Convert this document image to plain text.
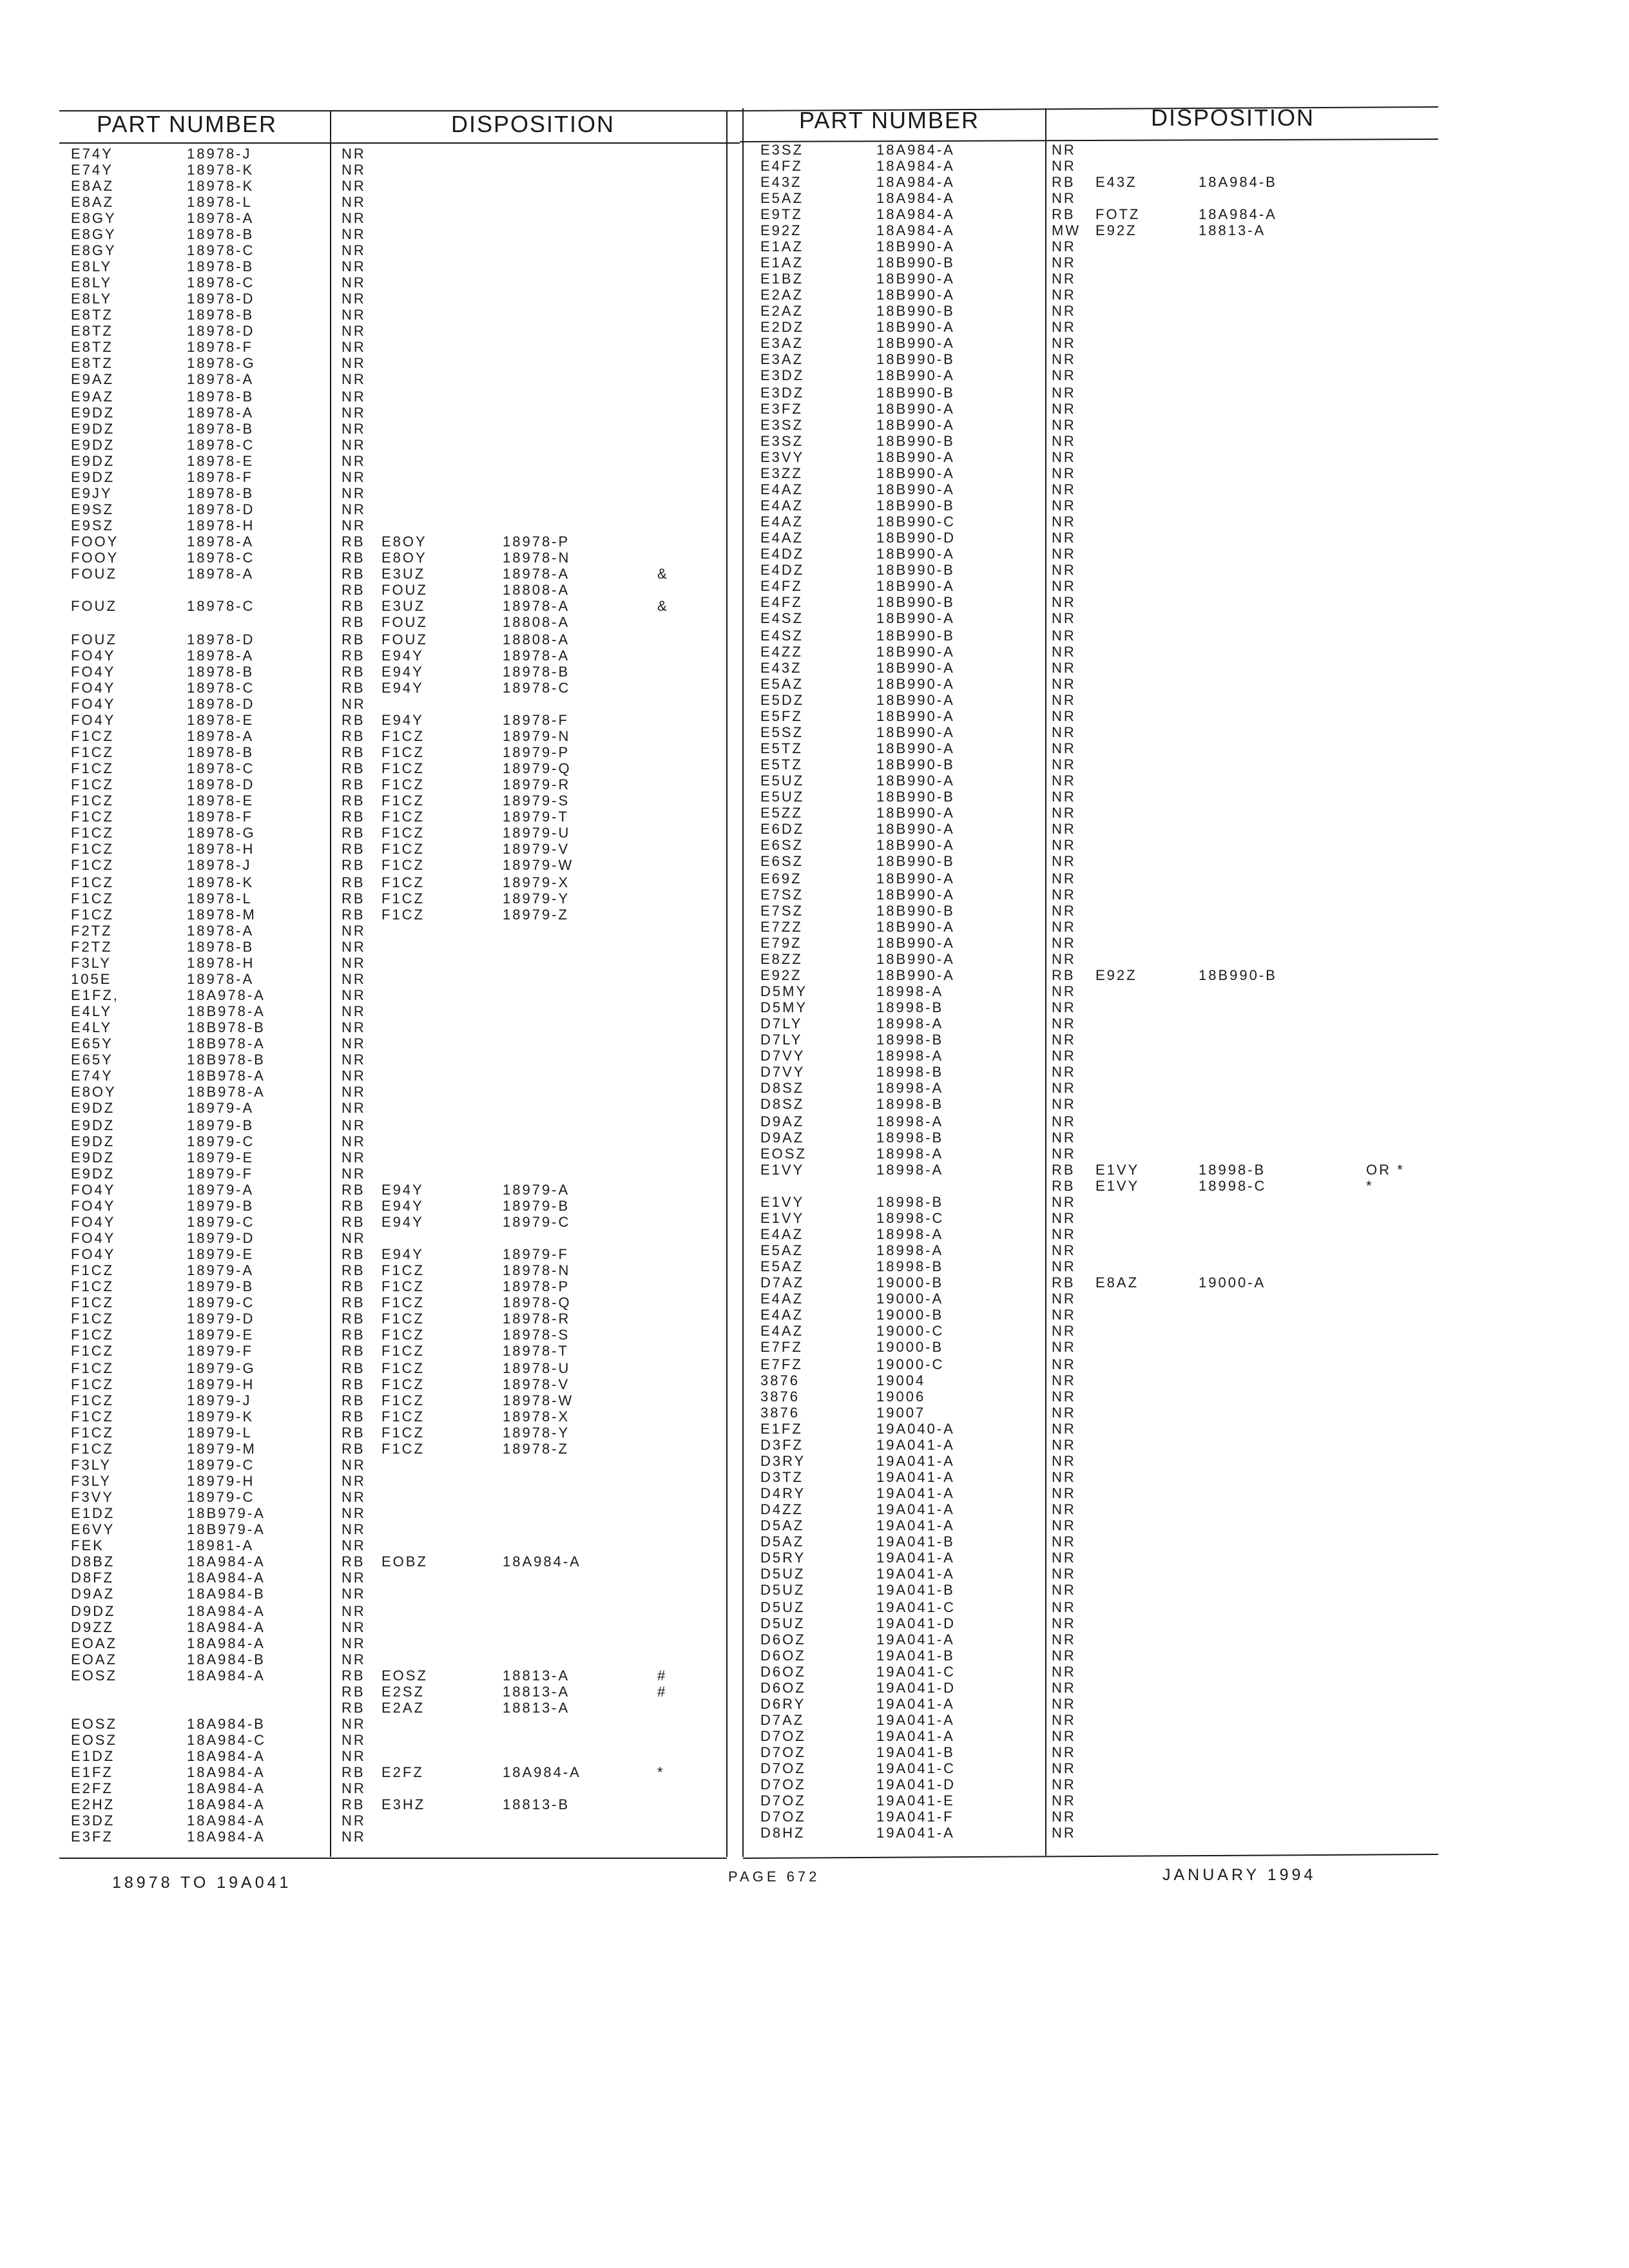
PART NUMBER	DISPOSITION	PART NUMBER	DISPOSITION
E74Y	18978-J	NR
E74Y	18978-K	NR
E8AZ	18978-K	NR
E8AZ	18978-L	NR
E8GY	18978-A	NR
E8GY	18978-B	NR
E8GY	18978-C	NR
E8LY	18978-B	NR
E8LY	18978-C	NR
E8LY	18978-D	NR
E8TZ	18978-B	NR
E8TZ	18978-D	NR
E8TZ	18978-F	NR
E8TZ	18978-G	NR
E9AZ	18978-A	NR
E9AZ	18978-B	NR
E9DZ	18978-A	NR
E9DZ	18978-B	NR
E9DZ	18978-C	NR
E9DZ	18978-E	NR
E9DZ	18978-F	NR
E9JY	18978-B	NR
E9SZ	18978-D	NR
E9SZ	18978-H	NR
FOOY	18978-A	RB E8OY	18978-P
FOOY	18978-C	RB E8OY	18978-N
FOUZ	18978-A	RB E3UZ	18978-A	&
RB FOUZ	18808-A
FOUZ	18978-C	RB E3UZ	18978-A	&
RB FOUZ	18808-A
FOUZ	18978-D	RB FOUZ	18808-A
FO4Y	18978-A	RB E94Y	18978-A
FO4Y	18978-B	RB E94Y	18978-B
FO4Y	18978-C	RB E94Y	18978-C
FO4Y	18978-D	NR
FO4Y	18978-E	RB E94Y	18978-F
F1CZ	18978-A	RB F1CZ	18979-N
F1CZ	18978-B	RB F1CZ	18979-P
F1CZ	18978-C	RB F1CZ	18979-Q
F1CZ	18978-D	RB F1CZ	18979-R
F1CZ	18978-E	RB F1CZ	18979-S
F1CZ	18978-F	RB F1CZ	18979-T
F1CZ	18978-G	RB F1CZ	18979-U
F1CZ	18978-H	RB F1CZ	18979-V
F1CZ	18978-J	RB F1CZ	18979-W
F1CZ	18978-K	RB F1CZ	18979-X
F1CZ	18978-L	RB F1CZ	18979-Y
F1CZ	18978-M	RB F1CZ	18979-Z
F2TZ	18978-A	NR
F2TZ	18978-B	NR
F3LY	18978-H	NR
105E	18978-A	NR
E1FZ,	18A978-A	NR
E4LY	18B978-A	NR
E4LY	18B978-B	NR
E65Y	18B978-A	NR
E65Y	18B978-B	NR
E74Y	18B978-A	NR
E8OY	18B978-A	NR
E9DZ	18979-A	NR
E9DZ	18979-B	NR
E9DZ	18979-C	NR
E9DZ	18979-E	NR
E9DZ	18979-F	NR
FO4Y	18979-A	RB E94Y	18979-A
FO4Y	18979-B	RB E94Y	18979-B
FO4Y	18979-C	RB E94Y	18979-C
FO4Y	18979-D	NR
FO4Y	18979-E	RB E94Y	18979-F
F1CZ	18979-A	RB F1CZ	18978-N
F1CZ	18979-B	RB F1CZ	18978-P
F1CZ	18979-C	RB F1CZ	18978-Q
F1CZ	18979-D	RB F1CZ	18978-R
F1CZ	18979-E	RB F1CZ	18978-S
F1CZ	18979-F	RB F1CZ	18978-T
F1CZ	18979-G	RB F1CZ	18978-U
F1CZ	18979-H	RB F1CZ	18978-V
F1CZ	18979-J	RB F1CZ	18978-W
F1CZ	18979-K	RB F1CZ	18978-X
F1CZ	18979-L	RB F1CZ	18978-Y
F1CZ	18979-M	RB F1CZ	18978-Z
F3LY	18979-C	NR
F3LY	18979-H	NR
F3VY	18979-C	NR
E1DZ	18B979-A	NR
E6VY	18B979-A	NR
FEK	18981-A	NR
D8BZ	18A984-A	RB EOBZ	18A984-A
D8FZ	18A984-A	NR
D9AZ	18A984-B	NR
D9DZ	18A984-A	NR
D9ZZ	18A984-A	NR
EOAZ	18A984-A	NR
EOAZ	18A984-B	NR
EOSZ	18A984-A	RB EOSZ	18813-A	#
RB E2SZ	18813-A	#
RB E2AZ	18813-A
EOSZ	18A984-B	NR
EOSZ	18A984-C	NR
E1DZ	18A984-A	NR
E1FZ	18A984-A	RB E2FZ	18A984-A	*
E2FZ	18A984-A	NR
E2HZ	18A984-A	RB E3HZ	18813-B
E3DZ	18A984-A	NR
E3FZ	18A984-A	NR
E3SZ	18A984-A	NR
E4FZ	18A984-A	NR
E43Z	18A984-A	RB E43Z	18A984-B
E5AZ	18A984-A	NR
E9TZ	18A984-A	RB FOTZ	18A984-A
E92Z	18A984-A	MW E92Z	18813-A
E1AZ	18B990-A	NR
E1AZ	18B990-B	NR
E1BZ	18B990-A	NR
E2AZ	18B990-A	NR
E2AZ	18B990-B	NR
E2DZ	18B990-A	NR
E3AZ	18B990-A	NR
E3AZ	18B990-B	NR
E3DZ	18B990-A	NR
E3DZ	18B990-B	NR
E3FZ	18B990-A	NR
E3SZ	18B990-A	NR
E3SZ	18B990-B	NR
E3VY	18B990-A	NR
E3ZZ	18B990-A	NR
E4AZ	18B990-A	NR
E4AZ	18B990-B	NR
E4AZ	18B990-C	NR
E4AZ	18B990-D	NR
E4DZ	18B990-A	NR
E4DZ	18B990-B	NR
E4FZ	18B990-A	NR
E4FZ	18B990-B	NR
E4SZ	18B990-A	NR
E4SZ	18B990-B	NR
E4ZZ	18B990-A	NR
E43Z	18B990-A	NR
E5AZ	18B990-A	NR
E5DZ	18B990-A	NR
E5FZ	18B990-A	NR
E5SZ	18B990-A	NR
E5TZ	18B990-A	NR
E5TZ	18B990-B	NR
E5UZ	18B990-A	NR
E5UZ	18B990-B	NR
E5ZZ	18B990-A	NR
E6DZ	18B990-A	NR
E6SZ	18B990-A	NR
E6SZ	18B990-B	NR
E69Z	18B990-A	NR
E7SZ	18B990-A	NR
E7SZ	18B990-B	NR
E7ZZ	18B990-A	NR
E79Z	18B990-A	NR
E8ZZ	18B990-A	NR
E92Z	18B990-A	RB E92Z	18B990-B
D5MY	18998-A	NR
D5MY	18998-B	NR
D7LY	18998-A	NR
D7LY	18998-B	NR
D7VY	18998-A	NR
D7VY	18998-B	NR
D8SZ	18998-A	NR
D8SZ	18998-B	NR
D9AZ	18998-A	NR
D9AZ	18998-B	NR
EOSZ	18998-A	NR
E1VY	18998-A	RB E1VY	18998-B	OR *
RB E1VY	18998-C	*
E1VY	18998-B	NR
E1VY	18998-C	NR
E4AZ	18998-A	NR
E5AZ	18998-A	NR
E5AZ	18998-B	NR
D7AZ	19000-B	RB E8AZ	19000-A
E4AZ	19000-A	NR
E4AZ	19000-B	NR
E4AZ	19000-C	NR
E7FZ	19000-B	NR
E7FZ	19000-C	NR
3876	19004	NR
3876	19006	NR
3876	19007	NR
E1FZ	19A040-A	NR
D3FZ	19A041-A	NR
D3RY	19A041-A	NR
D3TZ	19A041-A	NR
D4RY	19A041-A	NR
D4ZZ	19A041-A	NR
D5AZ	19A041-A	NR
D5AZ	19A041-B	NR
D5RY	19A041-A	NR
D5UZ	19A041-A	NR
D5UZ	19A041-B	NR
D5UZ	19A041-C	NR
D5UZ	19A041-D	NR
D6OZ	19A041-A	NR
D6OZ	19A041-B	NR
D6OZ	19A041-C	NR
D6OZ	19A041-D	NR
D6RY	19A041-A	NR
D7AZ	19A041-A	NR
D7OZ	19A041-A	NR
D7OZ	19A041-B	NR
D7OZ	19A041-C	NR
D7OZ	19A041-D	NR
D7OZ	19A041-E	NR
D7OZ	19A041-F	NR
D8HZ	19A041-A	NR
18978 TO 19A041	PAGE 672	JANUARY 1994
